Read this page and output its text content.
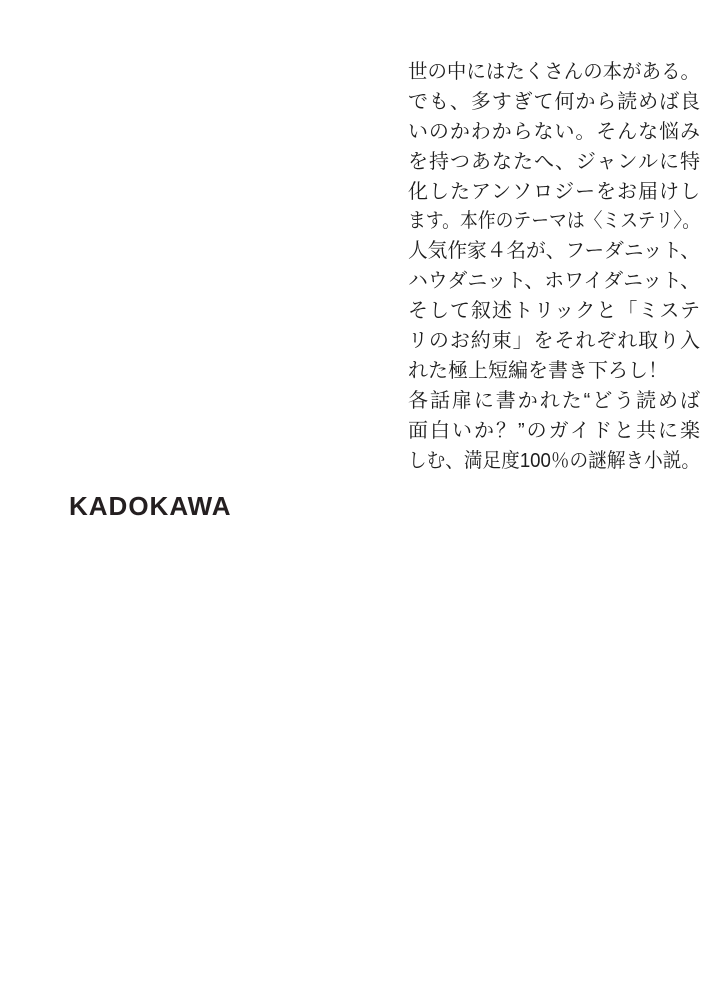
世の中にはたくさんの本がある。
でも、多すぎて何から読めば良
いのかわからない。そんな悩み
を持つあなたへ、ジャンルに特
化したアンソロジーをお届けし
ます。本作のテーマは〈ミステリ〉。
人気作家４名が、フーダニット、
ハウダニット、ホワイダニット、
そして叙述トリックと「ミステ
リのお約束」をそれぞれ取り入
れた極上短編を書き下ろし！
各話扉に書かれた“どう読めば
面白いか？”のガイドと共に楽
しむ、満足度100％の謎解き小説。
KADOKAWA
